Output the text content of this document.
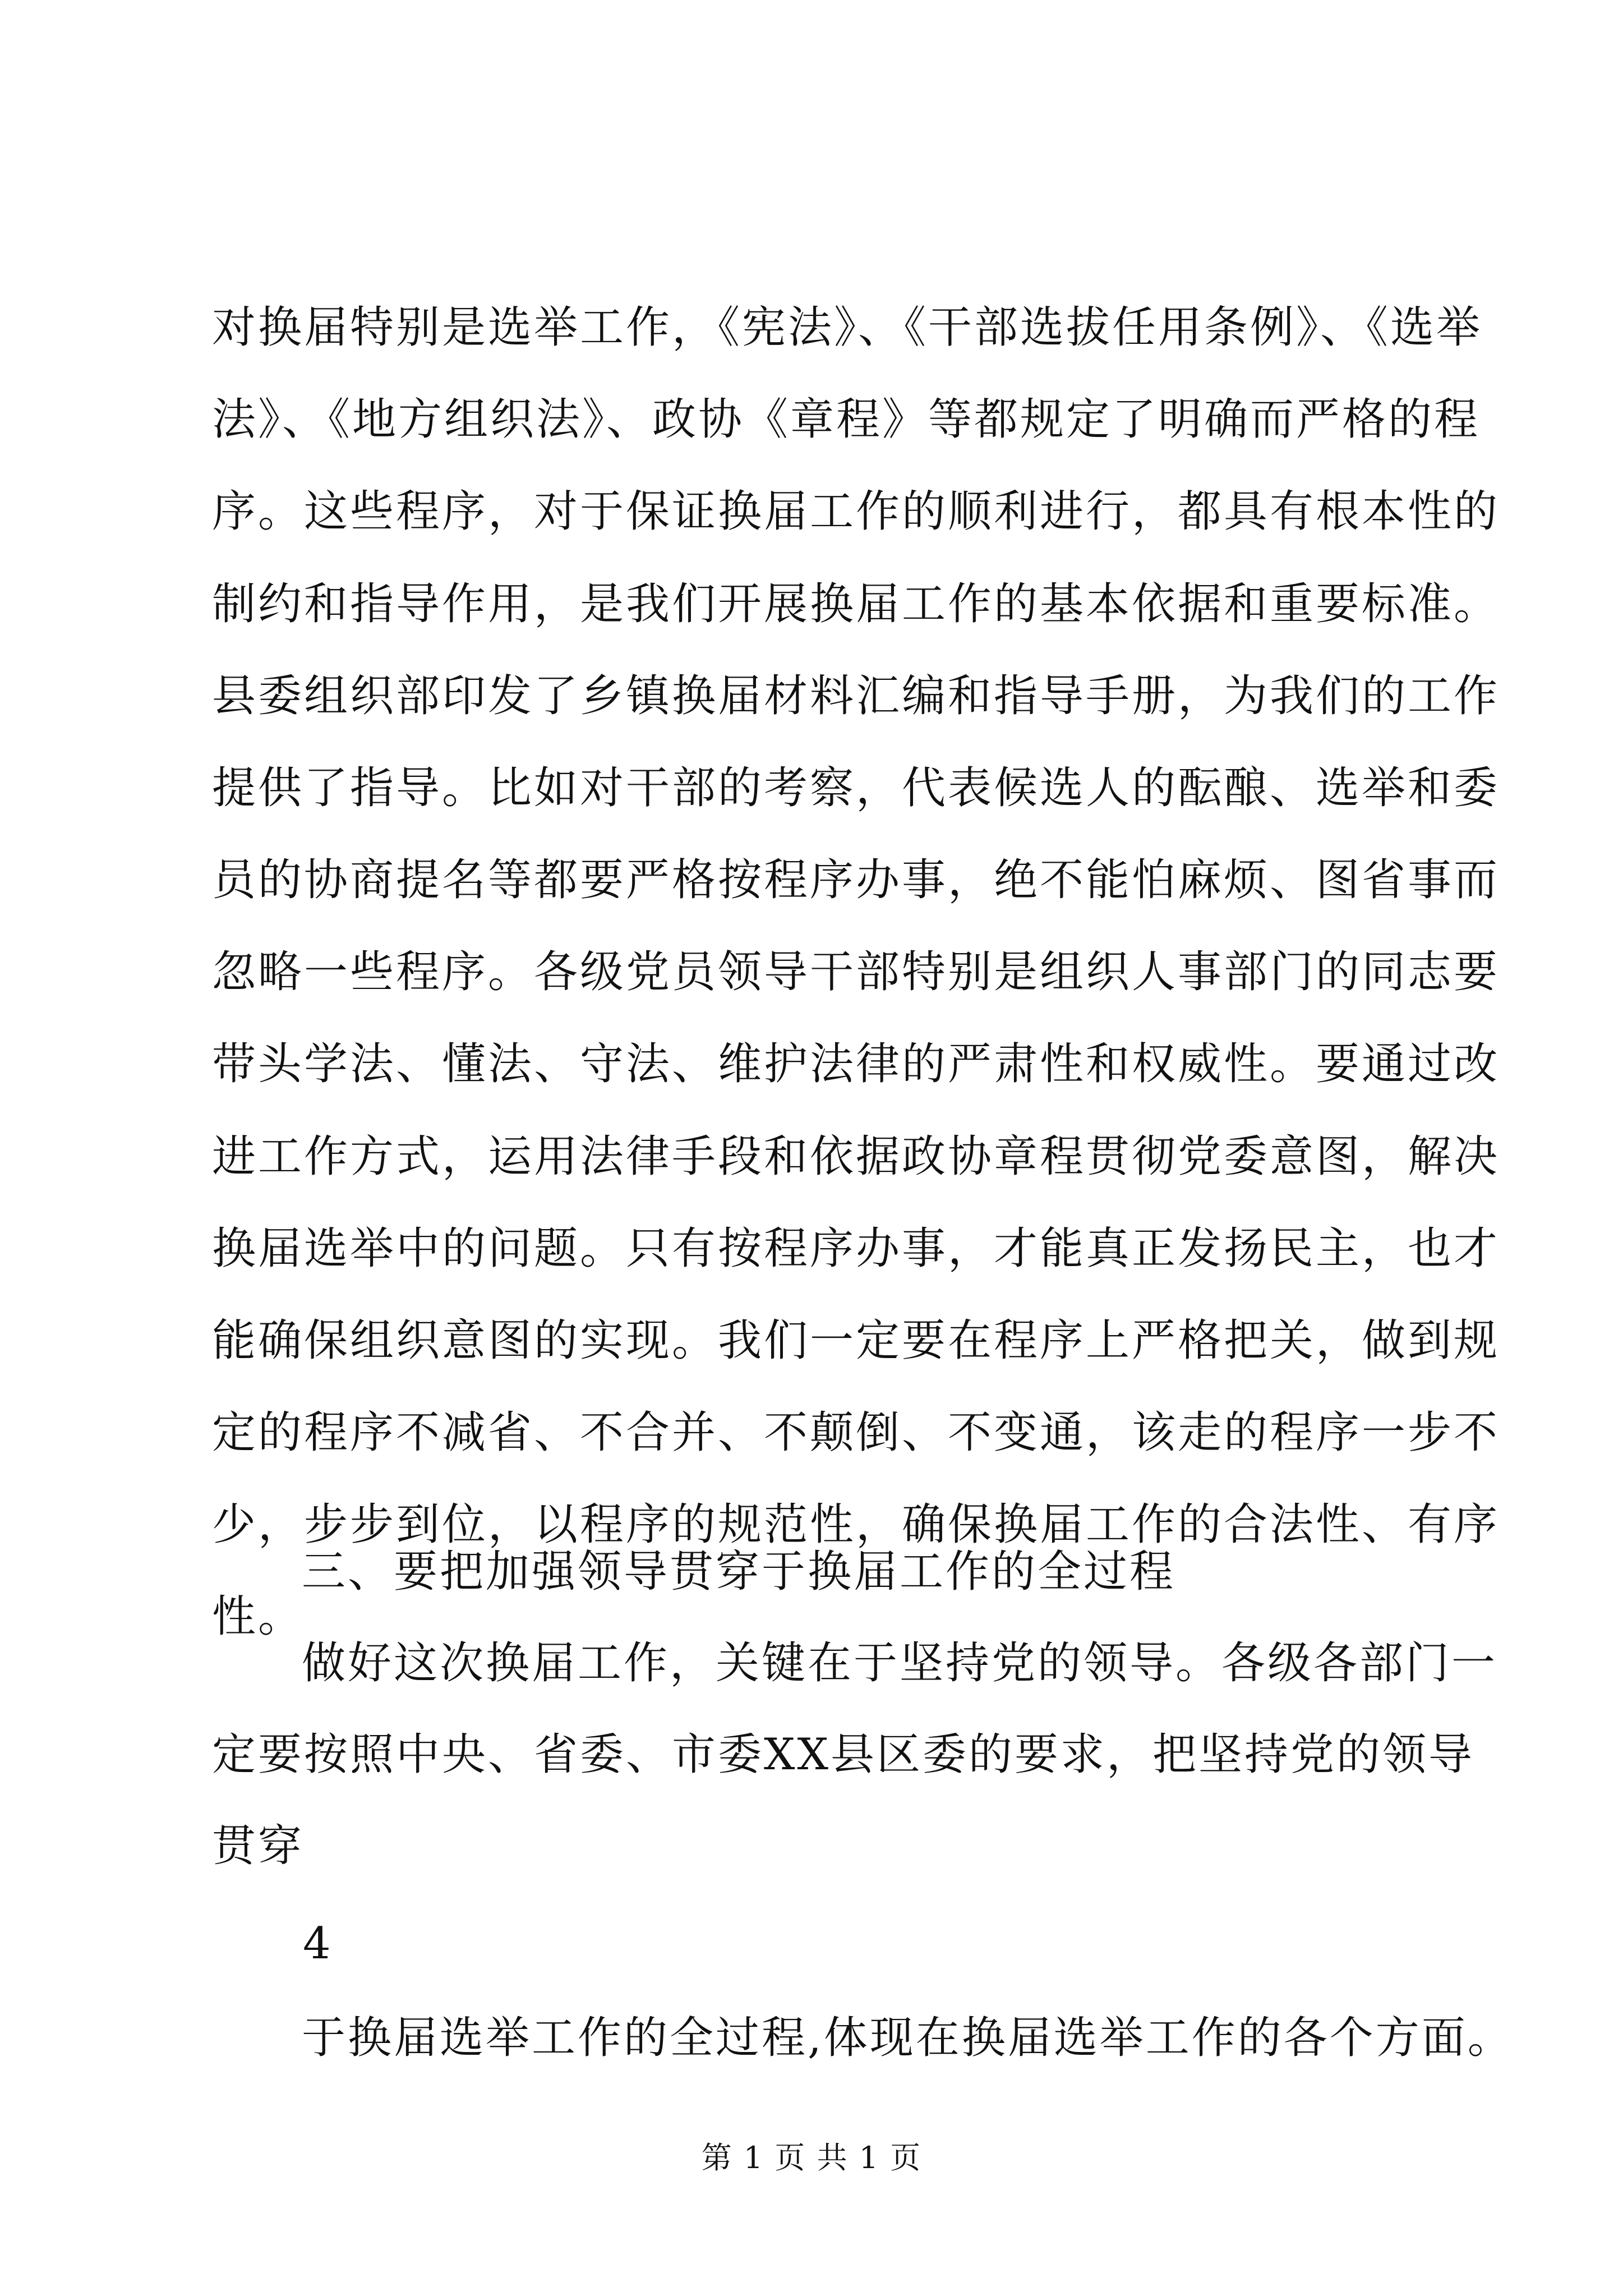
对换届特别是选举工作，《宪法》、《干部选拔任用条例》、《选举
法》、《地方组织法》、政协《章程》等都规定了明确而严格的程
序。这些程序，对于保证换届工作的顺利进行，都具有根本性的
制约和指导作用，是我们开展换届工作的基本依据和重要标准。
县委组织部印发了乡镇换届材料汇编和指导手册，为我们的工作
提供了指导。比如对干部的考察，代表候选人的酝酿、选举和委
员的协商提名等都要严格按程序办事，绝不能怕麻烦、图省事而
忽略一些程序。各级党员领导干部特别是组织人事部门的同志要
带头学法、懂法、守法、维护法律的严肃性和权威性。要通过改
进工作方式，运用法律手段和依据政协章程贯彻党委意图，解决
换届选举中的问题。只有按程序办事，才能真正发扬民主，也才
能确保组织意图的实现。我们一定要在程序上严格把关，做到规
定的程序不减省、不合并、不颠倒、不变通，该走的程序一步不
少，步步到位，以程序的规范性，确保换届工作的合法性、有序
性。
三、要把加强领导贯穿于换届工作的全过程
做好这次换届工作，关键在于坚持党的领导。各级各部门一
定要按照中央、省委、市委XX县区委的要求，把坚持党的领导
贯穿
4
于换届选举工作的全过程,体现在换届选举工作的各个方面。
第 1 页 共 1 页
